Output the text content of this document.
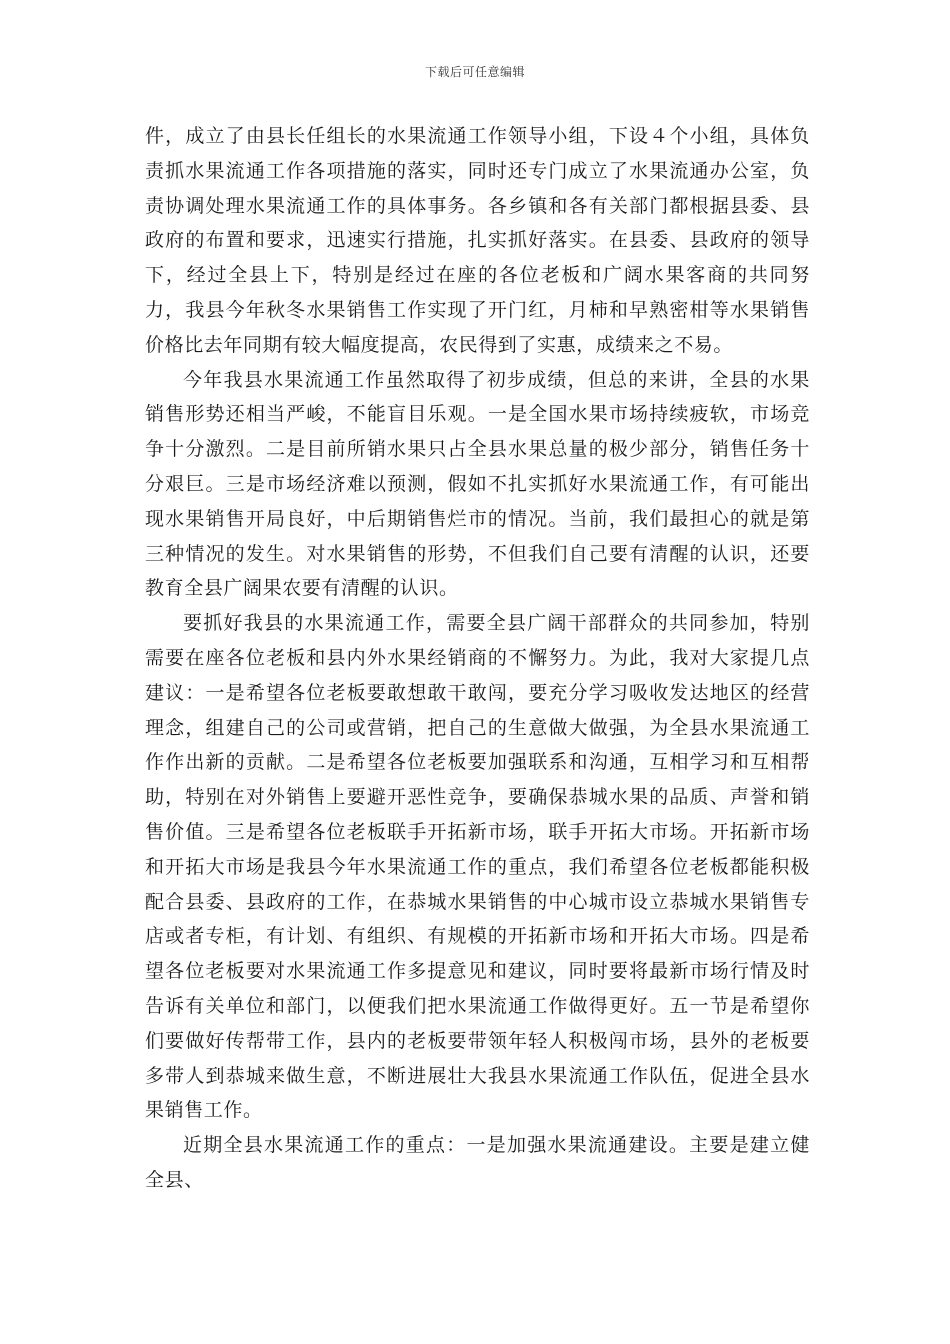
下载后可任意编辑

件，成立了由县长任组长的水果流通工作领导小组，下设４个小组，具体负责抓水果流通工作各项措施的落实，同时还专门成立了水果流通办公室，负责协调处理水果流通工作的具体事务。各乡镇和各有关部门都根据县委、县政府的布置和要求，迅速实行措施，扎实抓好落实。在县委、县政府的领导下，经过全县上下，特别是经过在座的各位老板和广阔水果客商的共同努力，我县今年秋冬水果销售工作实现了开门红，月柿和早熟密柑等水果销售价格比去年同期有较大幅度提高，农民得到了实惠，成绩来之不易。

今年我县水果流通工作虽然取得了初步成绩，但总的来讲，全县的水果销售形势还相当严峻，不能盲目乐观。一是全国水果市场持续疲软，市场竞争十分激烈。二是目前所销水果只占全县水果总量的极少部分，销售任务十分艰巨。三是市场经济难以预测，假如不扎实抓好水果流通工作，有可能出现水果销售开局良好，中后期销售烂市的情况。当前，我们最担心的就是第三种情况的发生。对水果销售的形势，不但我们自己要有清醒的认识，还要教育全县广阔果农要有清醒的认识。

要抓好我县的水果流通工作，需要全县广阔干部群众的共同参加，特别需要在座各位老板和县内外水果经销商的不懈努力。为此，我对大家提几点建议：一是希望各位老板要敢想敢干敢闯，要充分学习吸收发达地区的经营理念，组建自己的公司或营销，把自己的生意做大做强，为全县水果流通工作作出新的贡献。二是希望各位老板要加强联系和沟通，互相学习和互相帮助，特别在对外销售上要避开恶性竞争，要确保恭城水果的品质、声誉和销售价值。三是希望各位老板联手开拓新市场，联手开拓大市场。开拓新市场和开拓大市场是我县今年水果流通工作的重点，我们希望各位老板都能积极配合县委、县政府的工作，在恭城水果销售的中心城市设立恭城水果销售专店或者专柜，有计划、有组织、有规模的开拓新市场和开拓大市场。四是希望各位老板要对水果流通工作多提意见和建议，同时要将最新市场行情及时告诉有关单位和部门，以便我们把水果流通工作做得更好。五一节是希望你们要做好传帮带工作，县内的老板要带领年轻人积极闯市场，县外的老板要多带人到恭城来做生意，不断进展壮大我县水果流通工作队伍，促进全县水果销售工作。

近期全县水果流通工作的重点：一是加强水果流通建设。主要是建立健全县、
